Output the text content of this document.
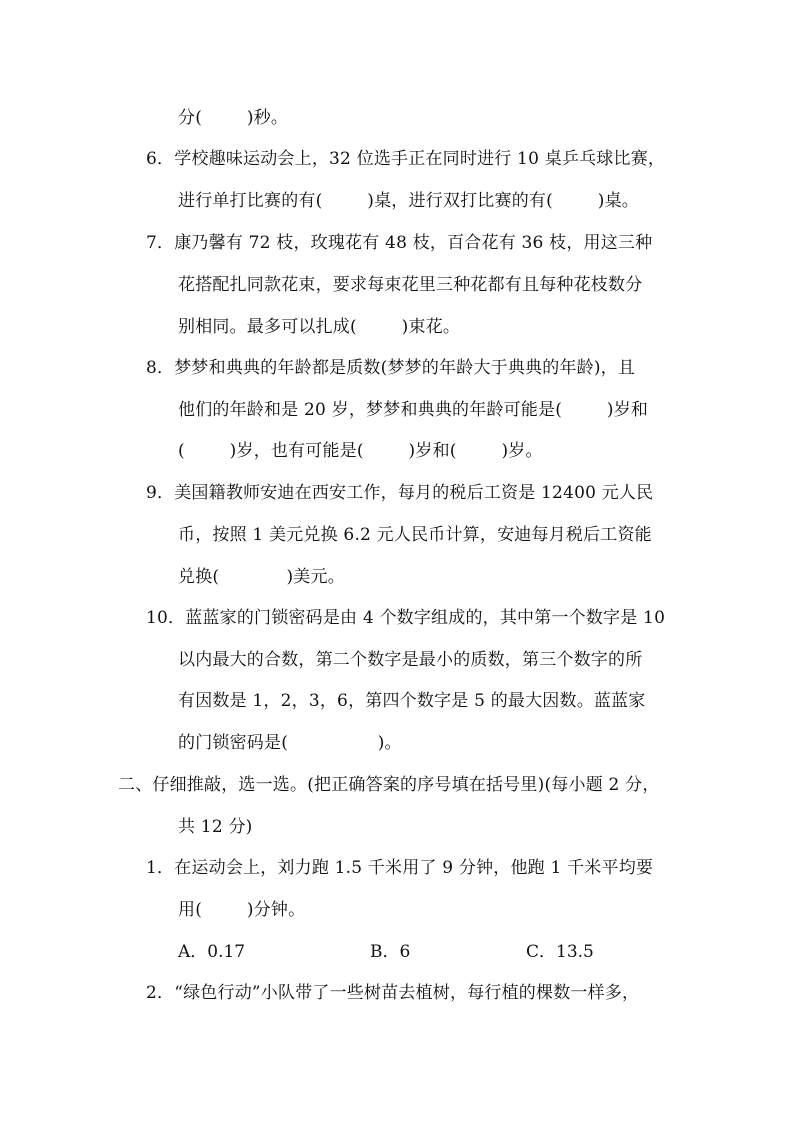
分(        )秒。
6．学校趣味运动会上，32 位选手正在同时进行 10 桌乒乓球比赛，
进行单打比赛的有(        )桌，进行双打比赛的有(        )桌。
7．康乃馨有 72 枝，玫瑰花有 48 枝，百合花有 36 枝，用这三种
花搭配扎同款花束，要求每束花里三种花都有且每种花枝数分
别相同。最多可以扎成(        )束花。
8．梦梦和典典的年龄都是质数(梦梦的年龄大于典典的年龄)，且
他们的年龄和是 20 岁，梦梦和典典的年龄可能是(        )岁和
(        )岁，也有可能是(        )岁和(        )岁。
9．美国籍教师安迪在西安工作，每月的税后工资是 12400 元人民
币，按照 1 美元兑换 6.2 元人民币计算，安迪每月税后工资能
兑换(            )美元。
10．蓝蓝家的门锁密码是由 4 个数字组成的，其中第一个数字是 10
以内最大的合数，第二个数字是最小的质数，第三个数字的所
有因数是 1，2，3，6，第四个数字是 5 的最大因数。蓝蓝家
的门锁密码是(                )。
二、仔细推敲，选一选。(把正确答案的序号填在括号里)(每小题 2 分，
共 12 分)
1．在运动会上，刘力跑 1.5 千米用了 9 分钟，他跑 1 千米平均要
用(        )分钟。

A．0.17

	B．6

	C．13.5

2．“绿色行动”小队带了一些树苗去植树，每行植的棵数一样多，
